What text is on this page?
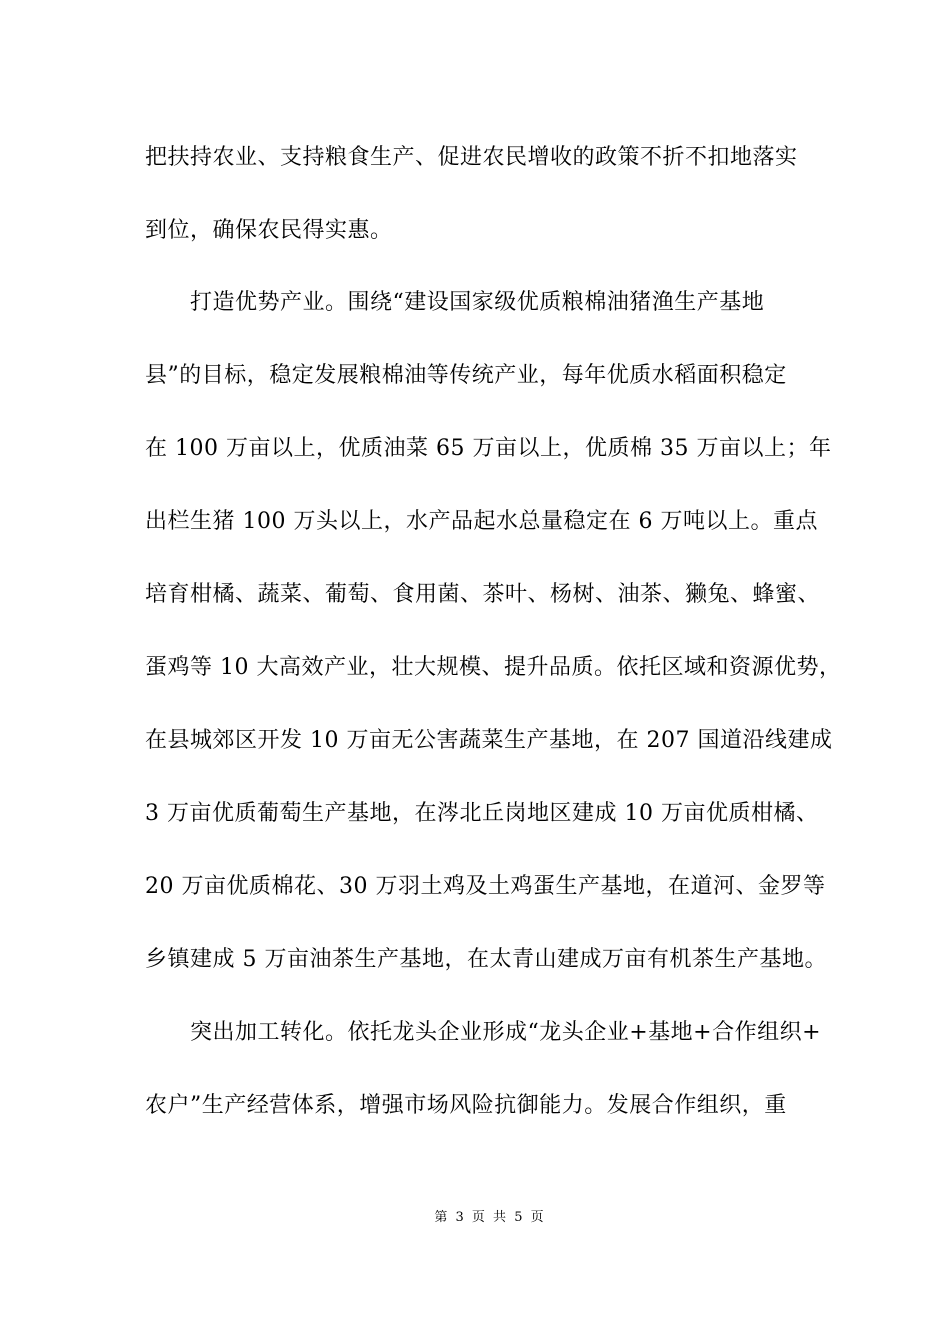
把扶持农业、支持粮食生产、促进农民增收的政策不折不扣地落实
到位，确保农民得实惠。
打造优势产业。围绕“建设国家级优质粮棉油猪渔生产基地
县”的目标，稳定发展粮棉油等传统产业，每年优质水稻面积稳定
在 100 万亩以上，优质油菜 65 万亩以上，优质棉 35 万亩以上；年
出栏生猪 100 万头以上，水产品起水总量稳定在 6 万吨以上。重点
培育柑橘、蔬菜、葡萄、食用菌、茶叶、杨树、油茶、獭兔、蜂蜜、
蛋鸡等 10 大高效产业，壮大规模、提升品质。依托区域和资源优势，
在县城郊区开发 10 万亩无公害蔬菜生产基地，在 207 国道沿线建成
3 万亩优质葡萄生产基地，在涔北丘岗地区建成 10 万亩优质柑橘、
20 万亩优质棉花、30 万羽土鸡及土鸡蛋生产基地，在道河、金罗等
乡镇建成 5 万亩油茶生产基地，在太青山建成万亩有机茶生产基地。
突出加工转化。依托龙头企业形成“龙头企业+基地+合作组织+
农户”生产经营体系，增强市场风险抗御能力。发展合作组织，重
第 3 页 共 5 页
